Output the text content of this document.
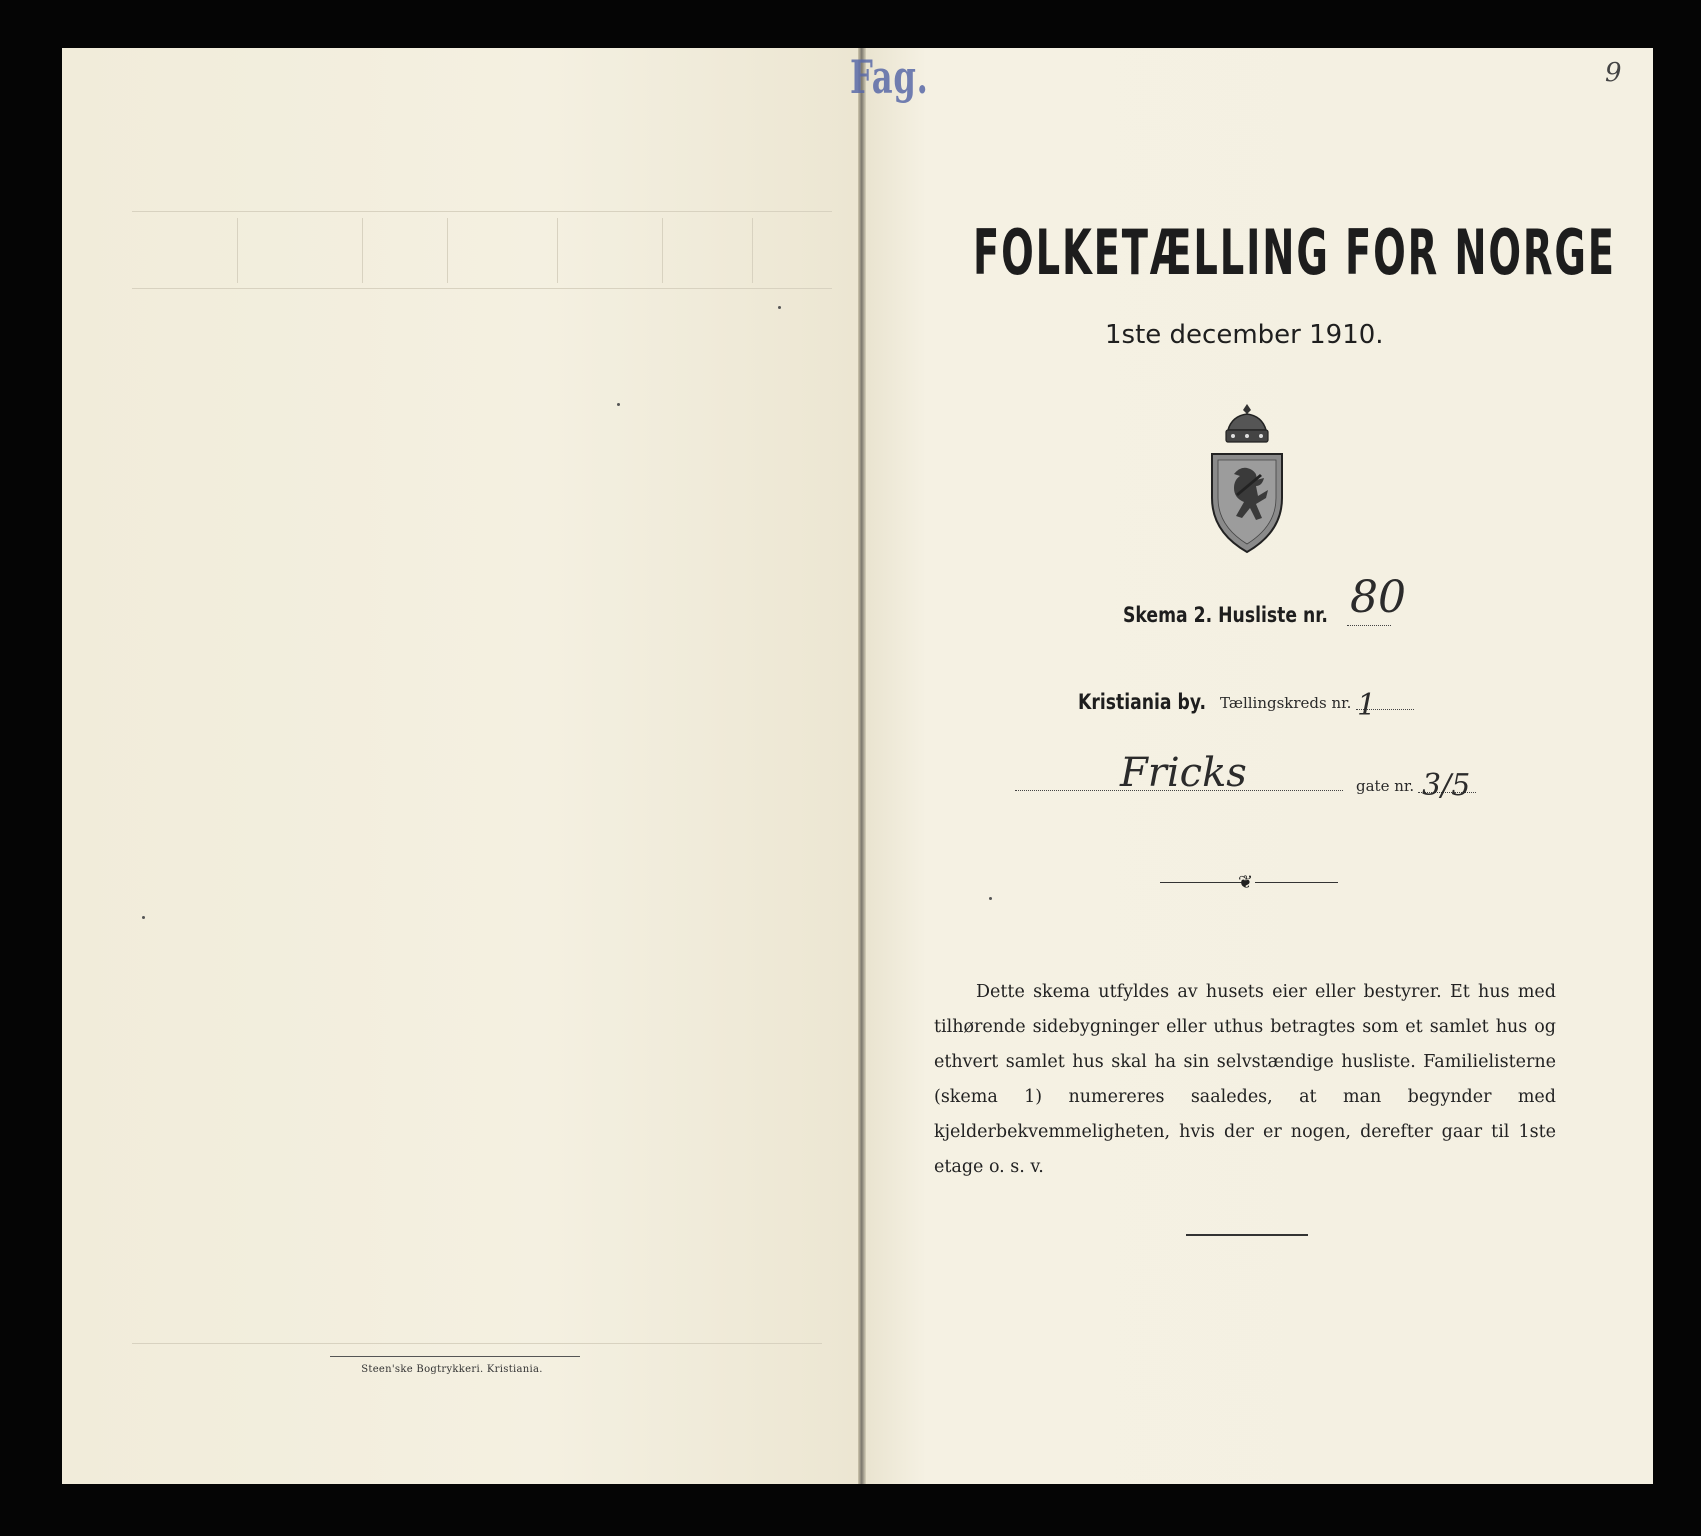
Steen'ske Bogtrykkeri. Kristiania.
Fag.	9
FOLKETÆLLING FOR NORGE
1ste december 1910.
Skema 2. Husliste nr. 80
Kristiania by. Tællingskreds nr. 1
Fricks	gate nr. 3/5
❦

Dette skema utfyldes av husets eier eller bestyrer. Et hus med tilhørende sidebygninger eller uthus betragtes som et samlet hus og ethvert samlet hus skal ha sin selvstændige husliste. Familielisterne (skema 1) numereres saaledes, at man begynder med kjelderbekvemmeligheten, hvis der er nogen, derefter gaar til 1ste etage o. s. v.
